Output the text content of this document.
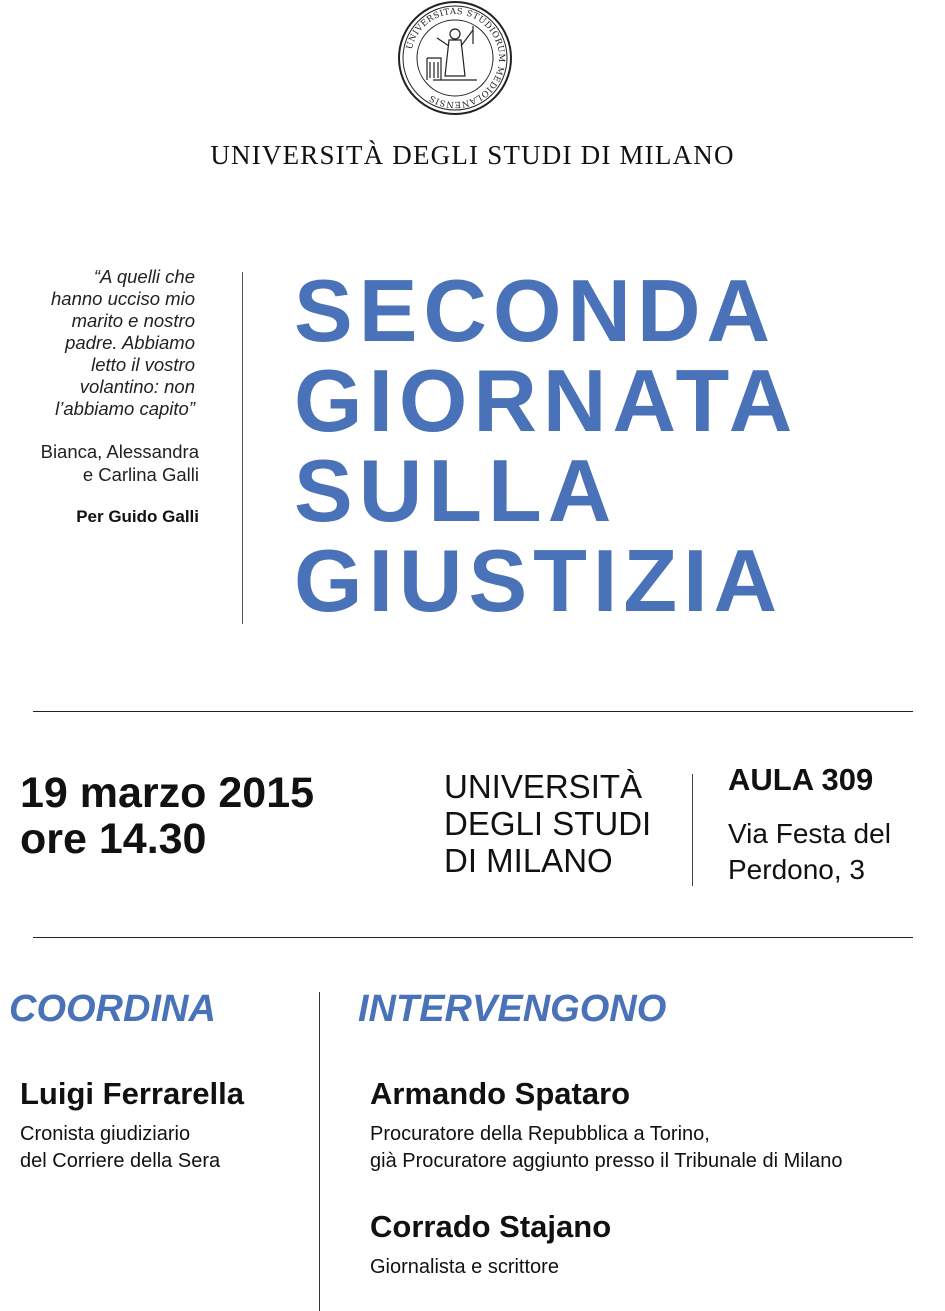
UNIVERSITAS STUDIORUM MEDIOLANENSIS
UNIVERSITÀ DEGLI STUDI DI MILANO
“A quelli che
hanno ucciso mio
marito e nostro
padre. Abbiamo
letto il vostro
volantino: non
l’abbiamo capito”
Bianca, Alessandra
e Carlina Galli
Per Guido Galli
SECONDA
GIORNATA
SULLA
GIUSTIZIA
19 marzo 2015
ore 14.30
UNIVERSITÀ
DEGLI STUDI
DI MILANO
AULA 309
Via Festa del
Perdono, 3
COORDINA
Luigi Ferrarella
Cronista giudiziario
del Corriere della Sera
INTERVENGONO
Armando Spataro
Procuratore della Repubblica a Torino,
già Procuratore aggiunto presso il Tribunale di Milano
Corrado Stajano
Giornalista e scrittore
